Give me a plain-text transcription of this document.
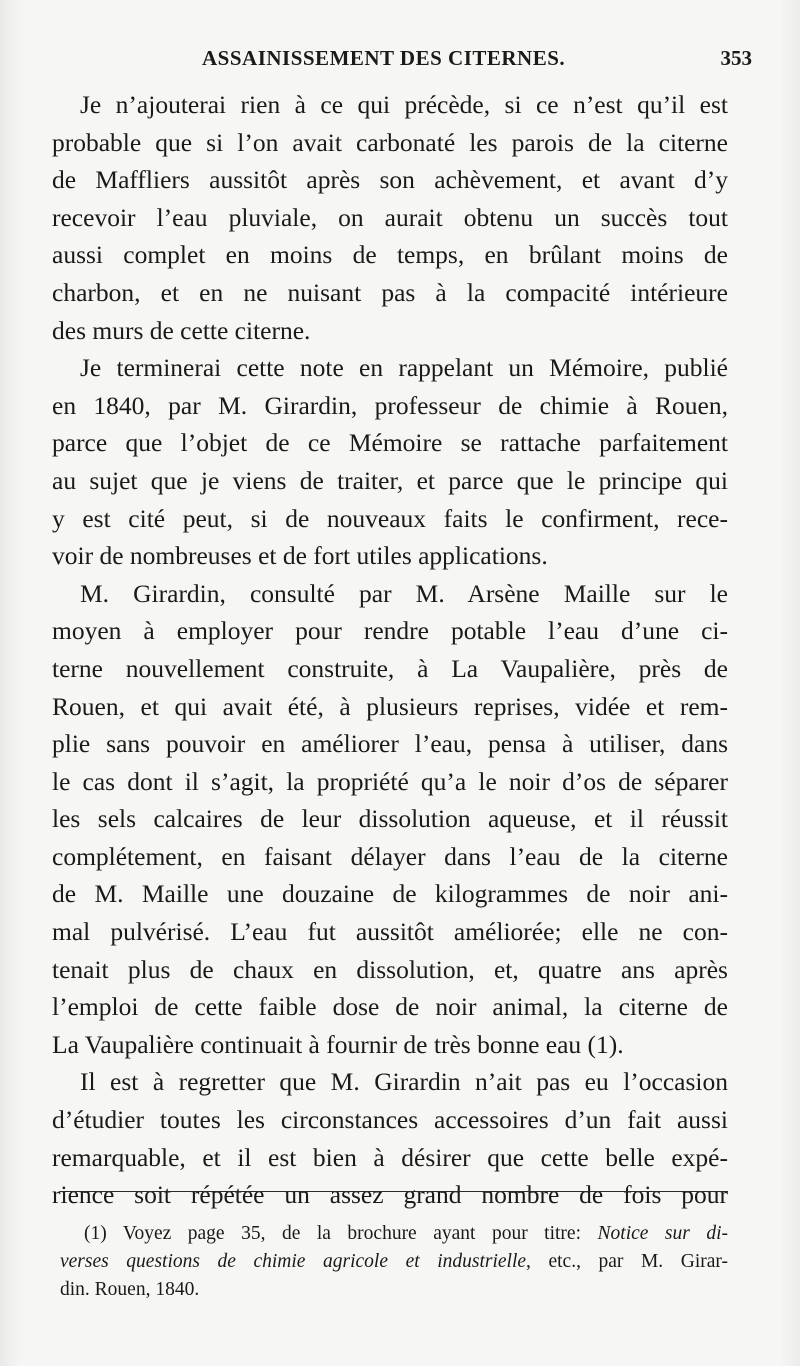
ASSAINISSEMENT DES CITERNES.	353
Je n’ajouterai rien à ce qui précède, si ce n’est qu’il est
probable que si l’on avait carbonaté les parois de la citerne
de Maffliers aussitôt après son achèvement, et avant d’y
recevoir l’eau pluviale, on aurait obtenu un succès tout
aussi complet en moins de temps, en brûlant moins de
charbon, et en ne nuisant pas à la compacité intérieure
des murs de cette citerne.
Je terminerai cette note en rappelant un Mémoire, publié
en 1840, par M. Girardin, professeur de chimie à Rouen,
parce que l’objet de ce Mémoire se rattache parfaitement
au sujet que je viens de traiter, et parce que le principe qui
y est cité peut, si de nouveaux faits le confirment, rece-
voir de nombreuses et de fort utiles applications.
M. Girardin, consulté par M. Arsène Maille sur le
moyen à employer pour rendre potable l’eau d’une ci-
terne nouvellement construite, à La Vaupalière, près de
Rouen, et qui avait été, à plusieurs reprises, vidée et rem-
plie sans pouvoir en améliorer l’eau, pensa à utiliser, dans
le cas dont il s’agit, la propriété qu’a le noir d’os de séparer
les sels calcaires de leur dissolution aqueuse, et il réussit
complétement, en faisant délayer dans l’eau de la citerne
de M. Maille une douzaine de kilogrammes de noir ani-
mal pulvérisé. L’eau fut aussitôt améliorée; elle ne con-
tenait plus de chaux en dissolution, et, quatre ans après
l’emploi de cette faible dose de noir animal, la citerne de
La Vaupalière continuait à fournir de très bonne eau (1).
Il est à regretter que M. Girardin n’ait pas eu l’occasion
d’étudier toutes les circonstances accessoires d’un fait aussi
remarquable, et il est bien à désirer que cette belle expé-
rience soit répétée un assez grand nombre de fois pour
(1) Voyez page 35, de la brochure ayant pour titre: Notice sur di-
verses questions de chimie agricole et industrielle, etc., par M. Girar-
din. Rouen, 1840.
